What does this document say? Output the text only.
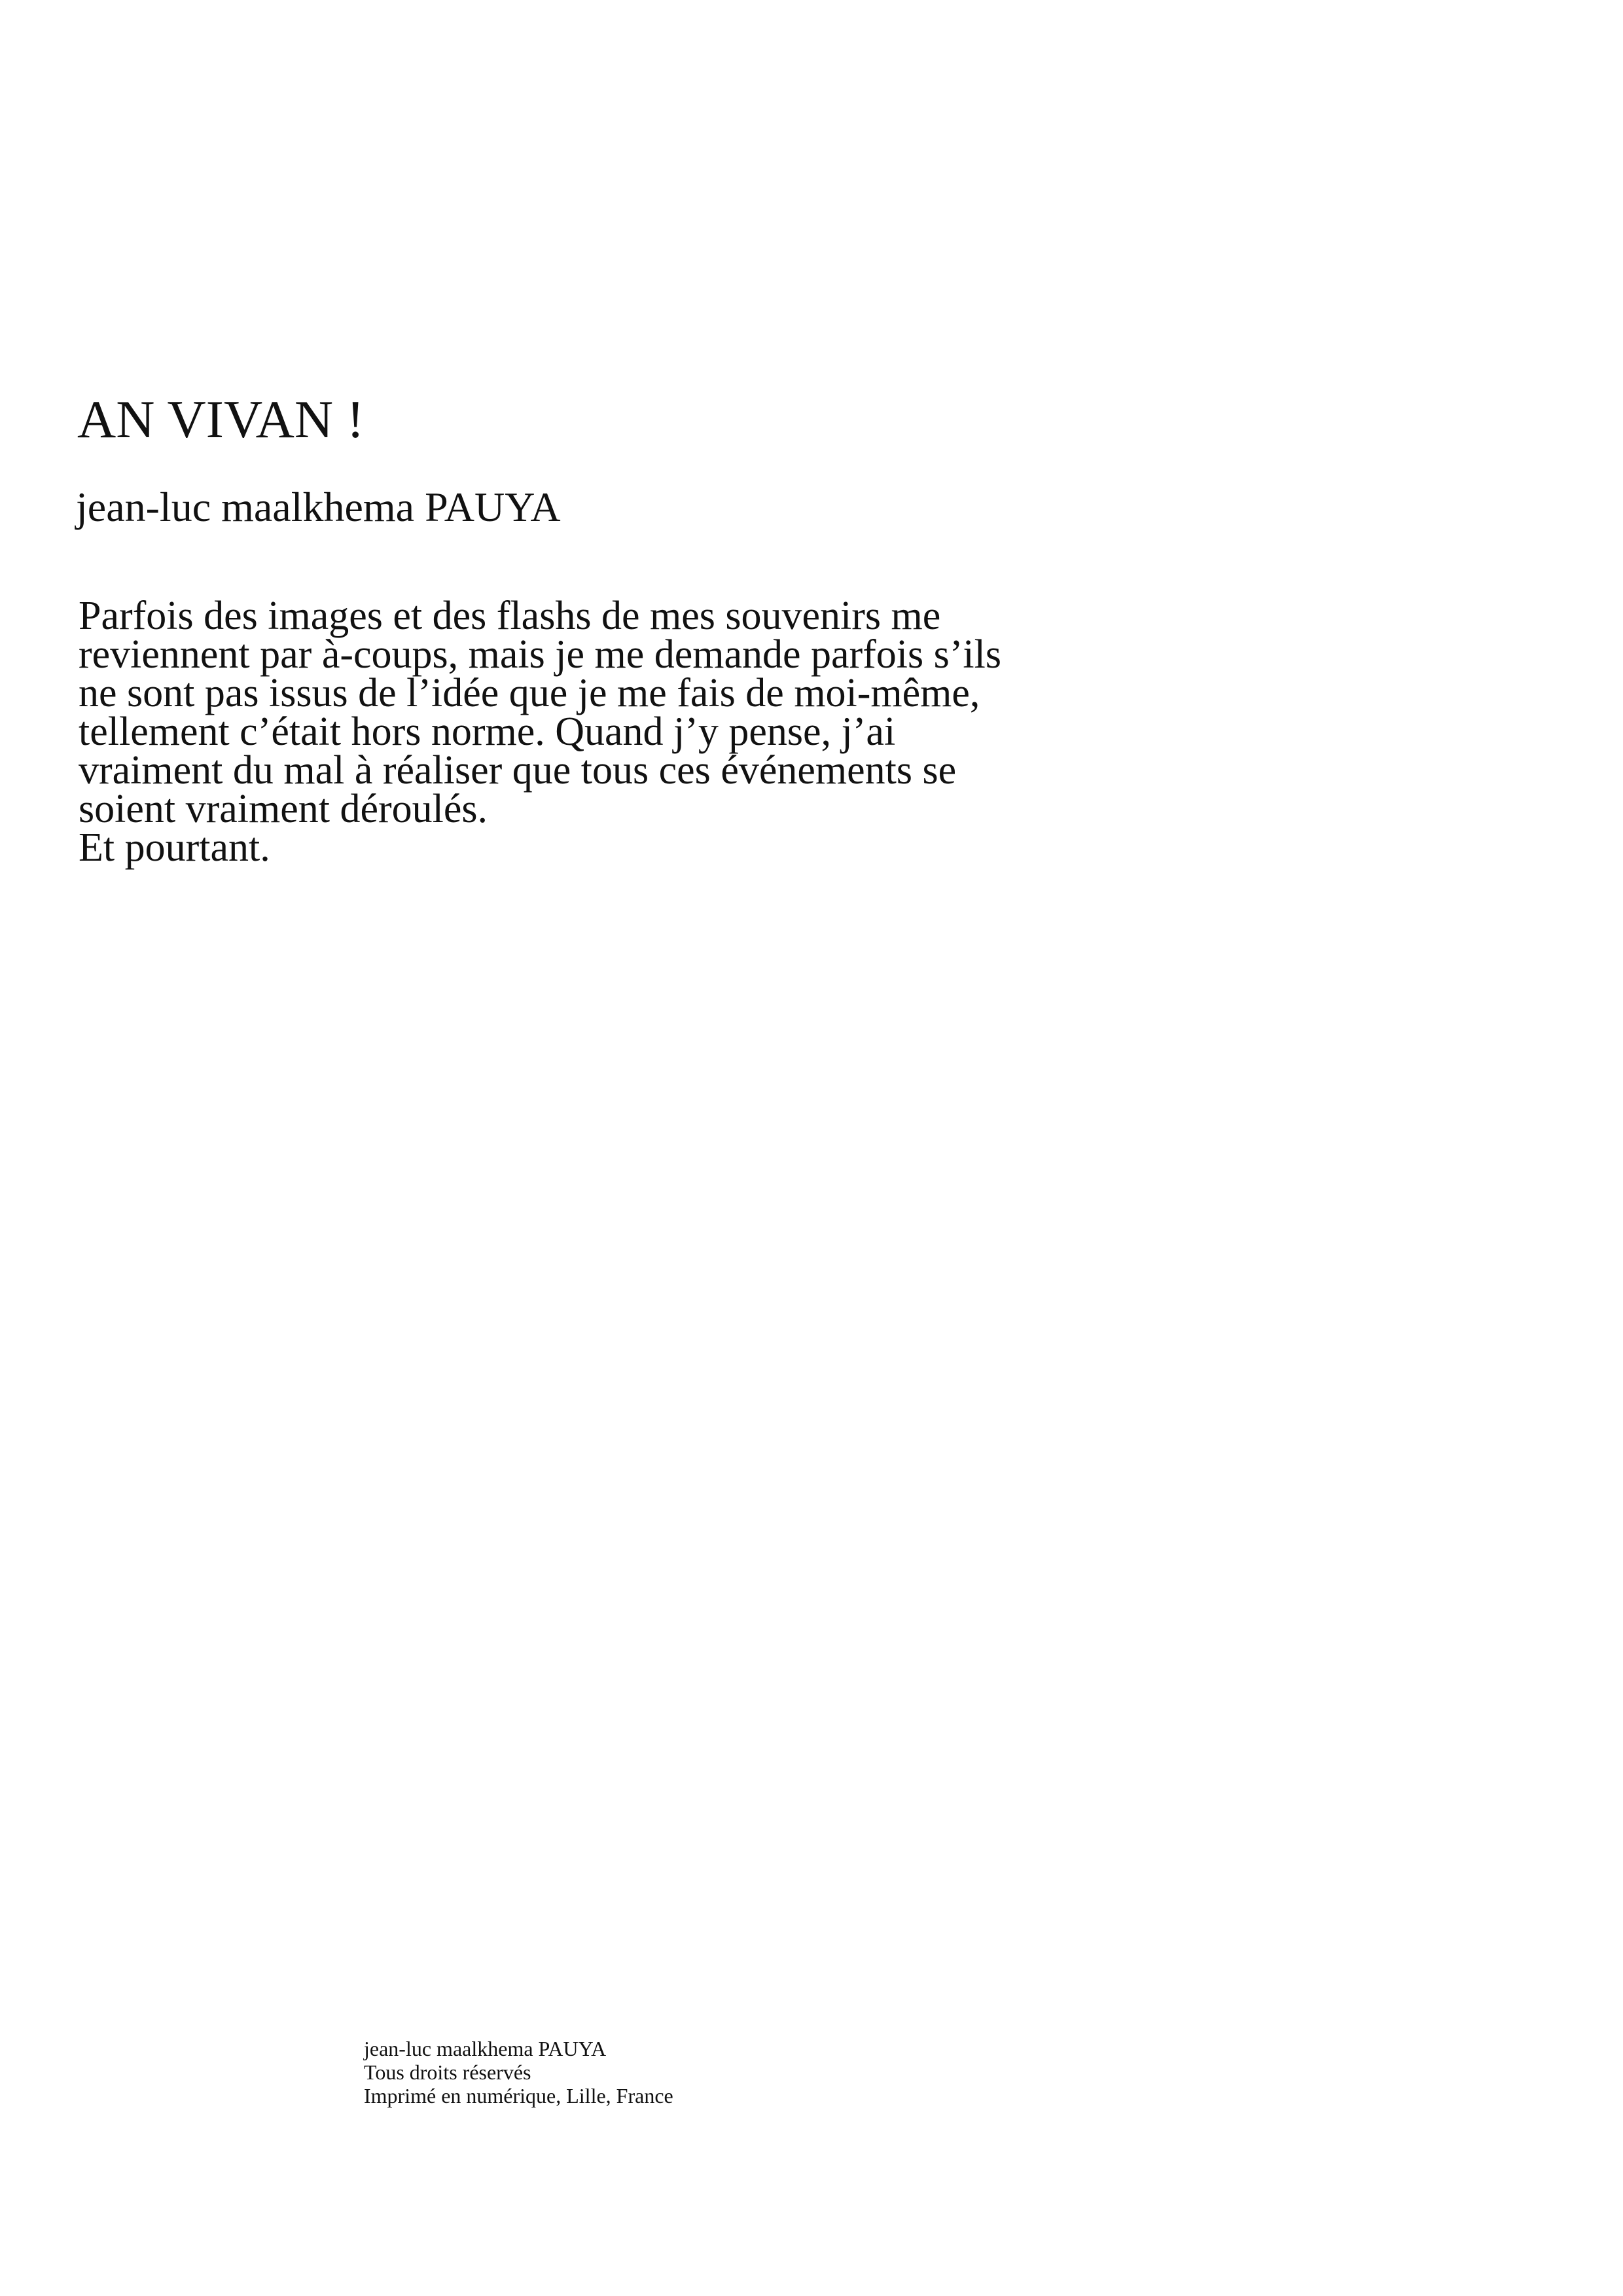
AN VIVAN !
jean-luc maalkhema PAUYA
Parfois des images et des flashs de mes souvenirs me
reviennent par à-coups, mais je me demande parfois s’ils
ne sont pas issus de l’idée que je me fais de moi-même,
tellement c’était hors norme. Quand j’y pense, j’ai
vraiment du mal à réaliser que tous ces événements se
soient vraiment déroulés.
Et pourtant.
jean-luc maalkhema PAUYA
Tous droits réservés
Imprimé en numérique, Lille, France
